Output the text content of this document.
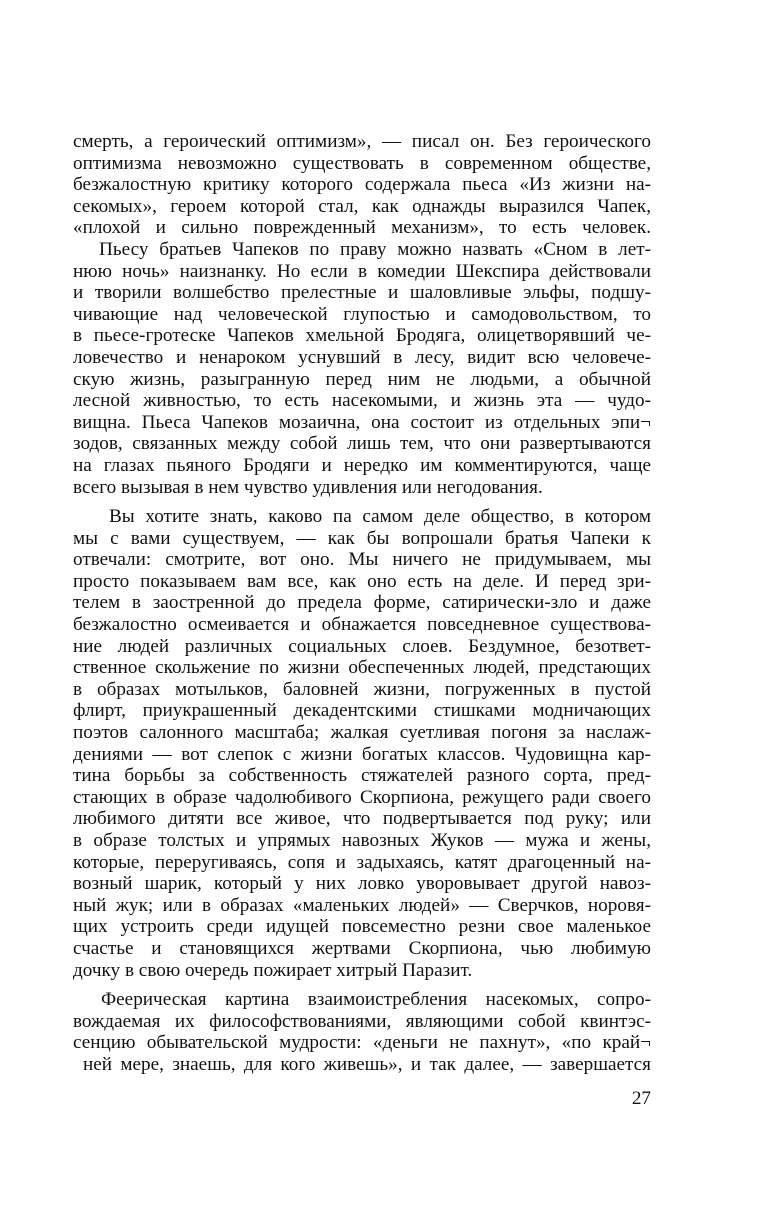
смерть, а героический оптимизм», — писал он. Без героического
оптимизма невозможно существовать в современном обществе,
безжалостную критику которого содержала пьеса «Из жизни на-
секомых», героем которой стал, как однажды выразился Чапек,
«плохой и сильно поврежденный механизм», то есть человек.
Пьесу братьев Чапеков по праву можно назвать «Сном в лет-
нюю ночь» наизнанку. Но если в комедии Шекспира действовали
и творили волшебство прелестные и шаловливые эльфы, подшу-
чивающие над человеческой глупостью и самодовольством, то
в пьесе-гротеске Чапеков хмельной Бродяга, олицетворявший че-
ловечество и ненароком уснувший в лесу, видит всю человече-
скую жизнь, разыгранную перед ним не людьми, а обычной
лесной живностью, то есть насекомыми, и жизнь эта — чудо-
вищна. Пьеса Чапеков мозаична, она состоит из отдельных эпи¬
зодов, связанных между собой лишь тем, что они развертываются
на глазах пьяного Бродяги и нередко им комментируются, чаще
всего вызывая в нем чувство удивления или негодования.
Вы хотите знать, каково па самом деле общество, в котором
мы с вами существуем, — как бы вопрошали братья Чапеки к
отвечали: смотрите, вот оно. Мы ничего не придумываем, мы
просто показываем вам все, как оно есть на деле. И перед зри-
телем в заостренной до предела форме, сатирически-зло и даже
безжалостно осмеивается и обнажается повседневное существова-
ние людей различных социальных слоев. Бездумное, безответ-
ственное скольжение по жизни обеспеченных людей, предстающих
в образах мотыльков, баловней жизни, погруженных в пустой
флирт, приукрашенный декадентскими стишками модничающих
поэтов салонного масштаба; жалкая суетливая погоня за наслаж-
дениями — вот слепок с жизни богатых классов. Чудовищна кар-
тина борьбы за собственность стяжателей разного сорта, пред-
стающих в образе чадолюбивого Скорпиона, режущего ради своего
любимого дитяти все живое, что подвертывается под руку; или
в образе толстых и упрямых навозных Жуков — мужа и жены,
которые, переругиваясь, сопя и задыхаясь, катят драгоценный на-
возный шарик, который у них ловко уворовывает другой навоз-
ный жук; или в образах «маленьких людей» — Сверчков, норовя-
щих устроить среди идущей повсеместно резни свое маленькое
счастье и становящихся жертвами Скорпиона, чью любимую
дочку в свою очередь пожирает хитрый Паразит.
Феерическая картина взаимоистребления насекомых, сопро-
вождаемая их философствованиями, являющими собой квинтэс-
сенцию обывательской мудрости: «деньги не пахнут», «по край¬
ней мере, знаешь, для кого живешь», и так далее, — завершается
27
